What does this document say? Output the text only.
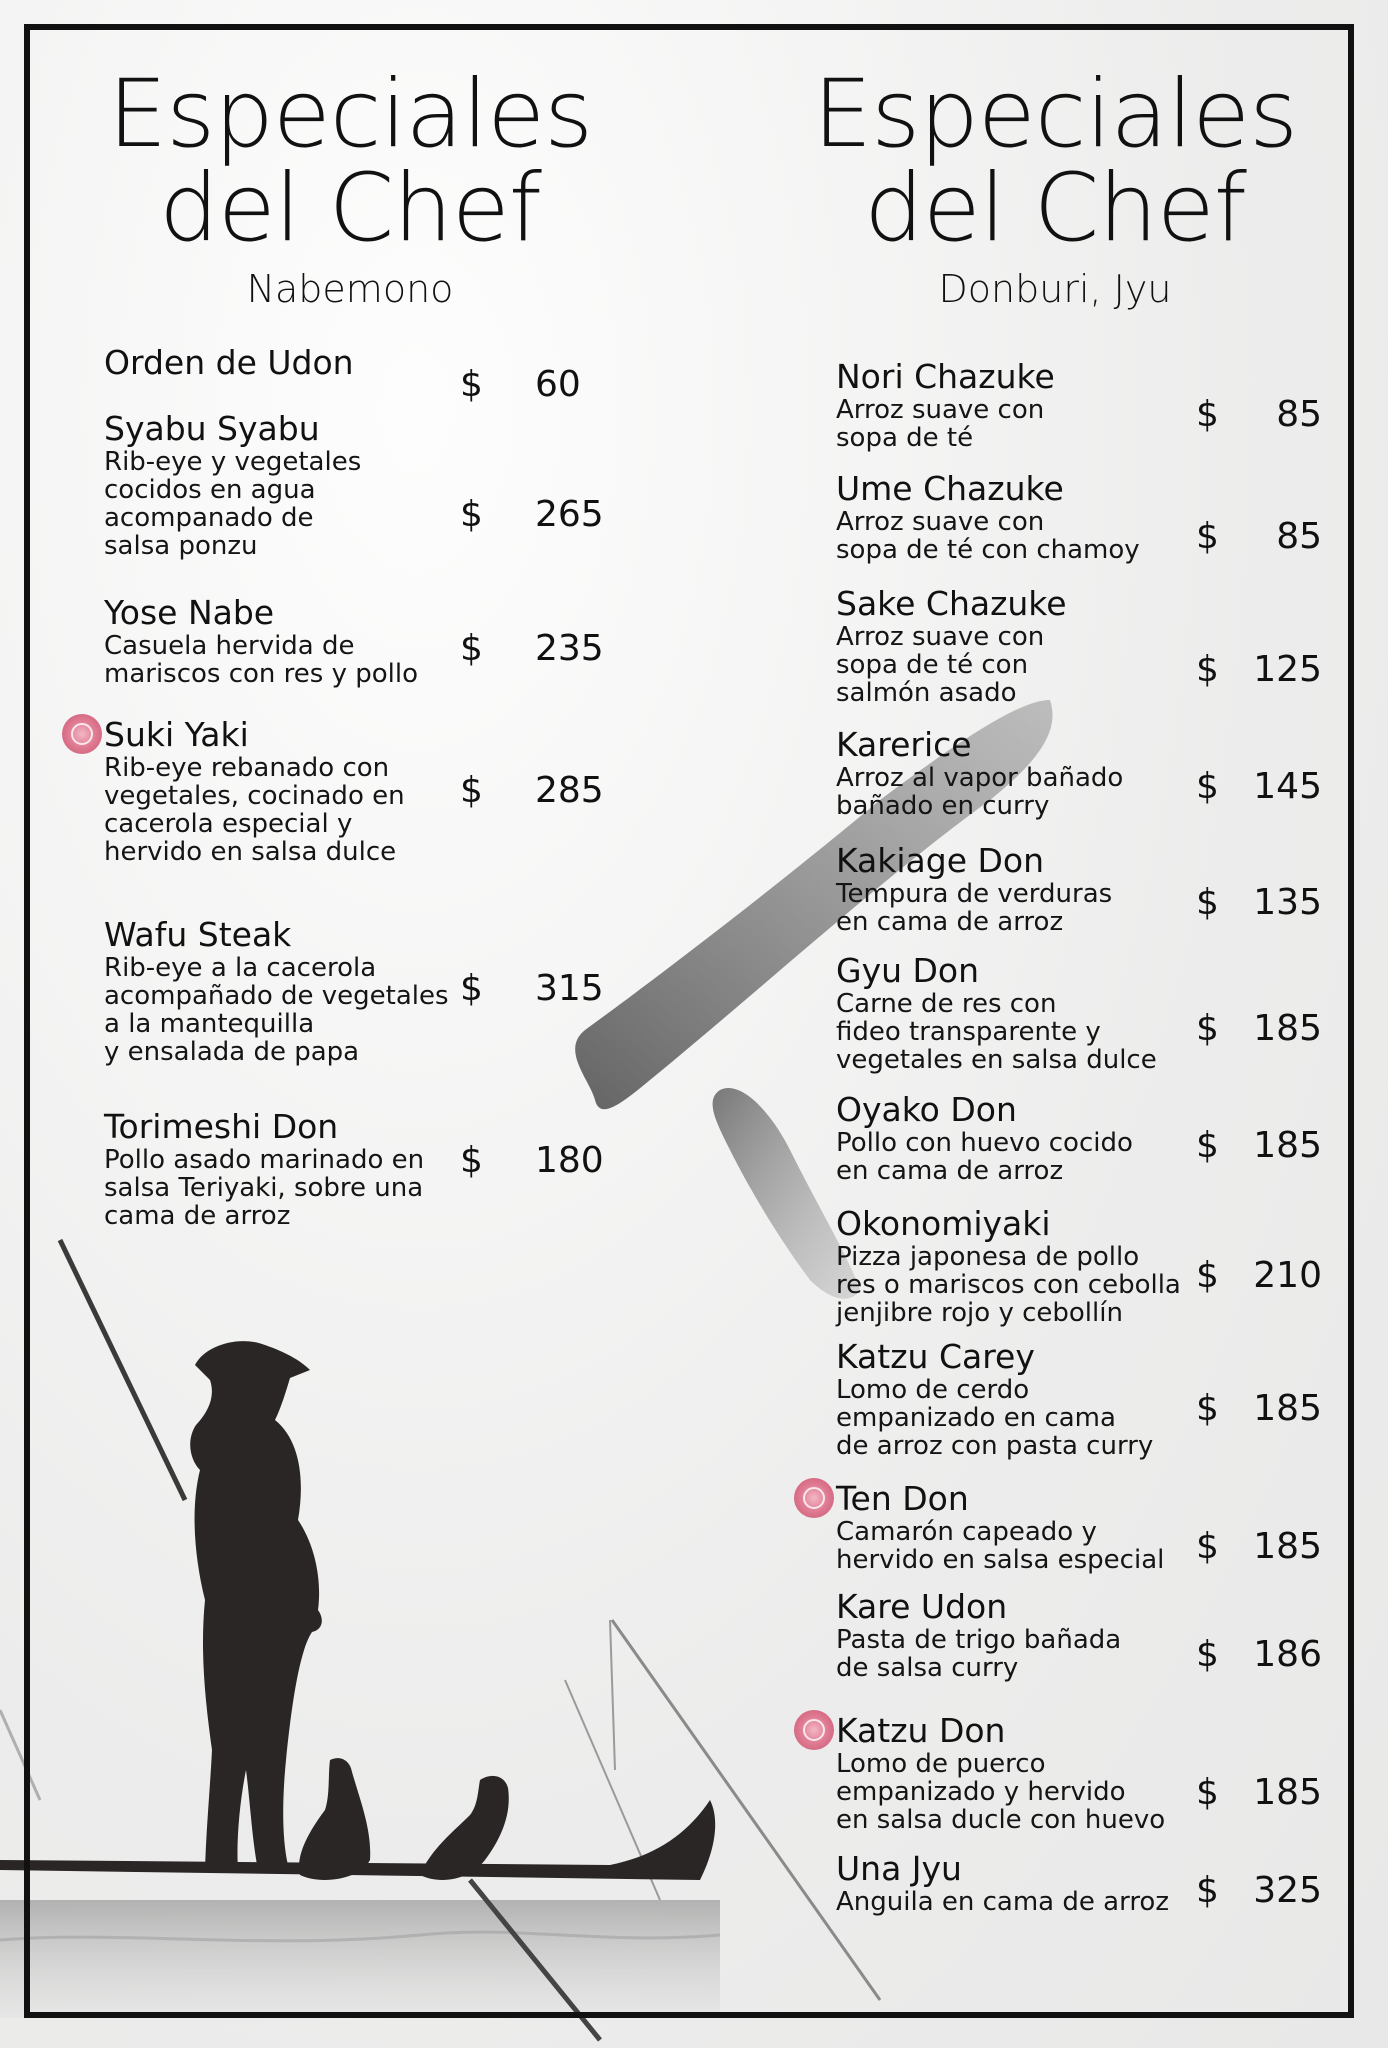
Especiales
del Chef
Nabemono
Especiales
del Chef
Donburi, Jyu
Orden de Udon
$ 60
Syabu Syabu
Rib-eye y vegetales
cocidos en agua
acompanado de
salsa ponzu
$ 265
Yose Nabe
Casuela hervida de
mariscos con res y pollo
$ 235
Suki Yaki
Rib-eye rebanado con
vegetales, cocinado en
cacerola especial y
hervido en salsa dulce
$ 285
Wafu Steak
Rib-eye a la cacerola
acompañado de vegetales
a la mantequilla
y ensalada de papa
$ 315
Torimeshi Don
Pollo asado marinado en
salsa Teriyaki, sobre una
cama de arroz
$ 180
Nori Chazuke
Arroz suave con
sopa de té
$ 85
Ume Chazuke
Arroz suave con
sopa de té con chamoy $ 85
Sake Chazuke
Arroz suave con
sopa de té con
salmón asado
$ 125
Karerice
Arroz al vapor bañado
bañado en curry	$ 145
Kakiage Don
Tempura de verduras
en cama de arroz	$ 135
Gyu Don
Carne de res con
fideo transparente y
vegetales en salsa dulce
$ 185
Oyako Don
Pollo con huevo cocido
en cama de arroz
$ 185
Okonomiyaki
Pizza japonesa de pollo
res o mariscos con cebolla
jenjibre rojo y cebollín
$ 210
Katzu Carey
Lomo de cerdo
empanizado en cama
de arroz con pasta curry
$ 185
Ten Don
Camarón capeado y
hervido en salsa especial $ 185
Kare Udon
Pasta de trigo bañada
de salsa curry	$ 186
Katzu Don
Lomo de puerco
empanizado y hervido
en salsa ducle con huevo
$ 185
Una Jyu
Anguila en cama de arroz $ 325
